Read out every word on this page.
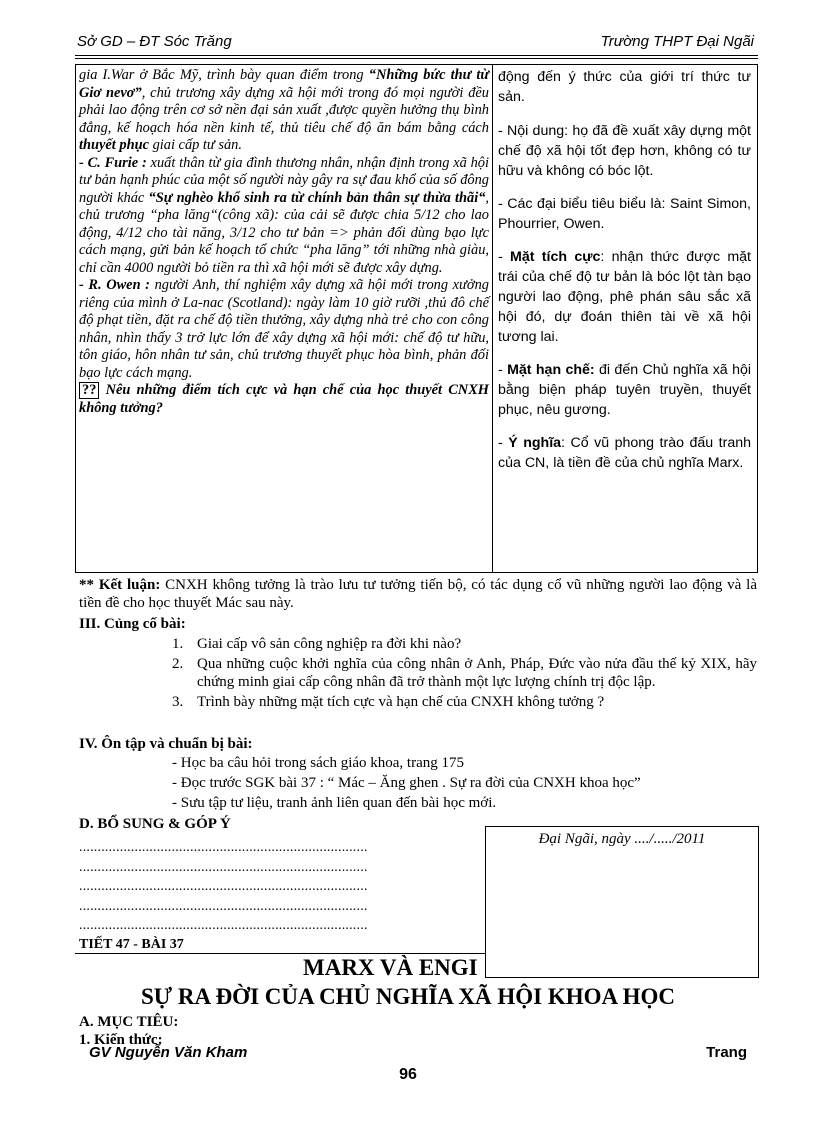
Sở GD – ĐT Sóc Trăng	Trường THPT Đại Ngãi

gia I.War ở Bắc Mỹ, trình bày quan điểm trong “Những bức thư từ Giơ nevơ”, chủ trương xây dựng xã hội mới trong đó mọi người đều phải lao động trên cơ sở nền đại sản xuất ,được quyền hưởng thụ bình đẳng, kế hoạch hóa nền kinh tế, thủ tiêu chế độ ăn bám bằng cách thuyết phục giai cấp tư sản.

- C. Furie : xuất thân từ gia đình thương nhân, nhận định trong xã hội tư bản hạnh phúc của một số người này gây ra sự đau khổ của số đông người khác “Sự nghèo khổ sinh ra từ chính bản thân sự thừa thãi“, chủ trương “pha lăng“(công xã): của cải sẽ được chia 5/12 cho lao động, 4/12 cho tài năng, 3/12 cho tư bản => phản đối dùng bạo lực cách mạng, gửi bản kế hoạch tổ chức “pha lăng” tới những nhà giàu, chỉ cần 4000 người bỏ tiền ra thì xã hội mới sẽ được xây dựng.

- R. Owen : người Anh, thí nghiệm xây dựng xã hội mới trong xưởng riêng của mình ở La-nac (Scotland): ngày làm 10 giờ rưỡi ,thủ đô chế độ phạt tiền, đặt ra chế độ tiền thưởng, xây dựng nhà trẻ cho con công nhân, nhìn thấy 3 trở lực lớn để xây dựng xã hội mới: chế độ tư hữu, tôn giáo, hôn nhân tư sản, chủ trương thuyết phục hòa bình, phản đối bạo lực cách mạng.

?? Nêu những điểm tích cực và hạn chế của học thuyết CNXH không tưởng?

động đến ý thức của giới trí thức tư sản.

- Nội dung: họ đã đề xuất xây dựng một chế độ xã hội tốt đẹp hơn, không có tư hữu và không có bóc lột.

- Các đại biểu tiêu biểu là: Saint Simon, Phourrier, Owen.

- Mặt tích cực: nhận thức được mặt trái của chế độ tư bản là bóc lột tàn bạo người lao động, phê phán sâu sắc xã hội đó, dự đoán thiên tài về xã hội tương lai.

- Mặt hạn chế: đi đến Chủ nghĩa xã hội bằng biện pháp tuyên truyền, thuyết phục, nêu gương.

- Ý nghĩa: Cổ vũ phong trào đấu tranh của CN, là tiền đề của chủ nghĩa Marx.

** Kết luận: CNXH không tưởng là trào lưu tư tưởng tiến bộ, có tác dụng cổ vũ những người lao động và là tiền đề cho học thuyết Mác sau này.
III. Củng cố bài:
1. Giai cấp vô sản công nghiệp ra đời khi nào?
2. Qua những cuộc khởi nghĩa của công nhân ở Anh, Pháp, Đức vào nửa đầu thế kỷ XIX, hãy chứng minh giai cấp công nhân đã trở thành một lực lượng chính trị độc lập.
3. Trình bày những mặt tích cực và hạn chế của CNXH không tưởng ?
IV. Ôn tập và chuẩn bị bài:
- Học ba câu hỏi trong sách giáo khoa, trang 175
- Đọc trước SGK bài 37 : “ Mác – Ăng ghen . Sự ra đời của CNXH khoa học”
- Sưu tập tư liệu, tranh ảnh liên quan đến bài học mới.
D. BỔ SUNG & GÓP Ý
..............................................................................
..............................................................................
..............................................................................
..............................................................................
..............................................................................
TIẾT 47 - BÀI 37
MARX VÀ ENGI
Đại Ngãi, ngày ..../...../2011
SỰ RA ĐỜI CỦA CHỦ NGHĨA XÃ HỘI KHOA HỌC
A. MỤC TIÊU:
1. Kiến thức:
GV Nguyễn Văn Kham	Trang
96
